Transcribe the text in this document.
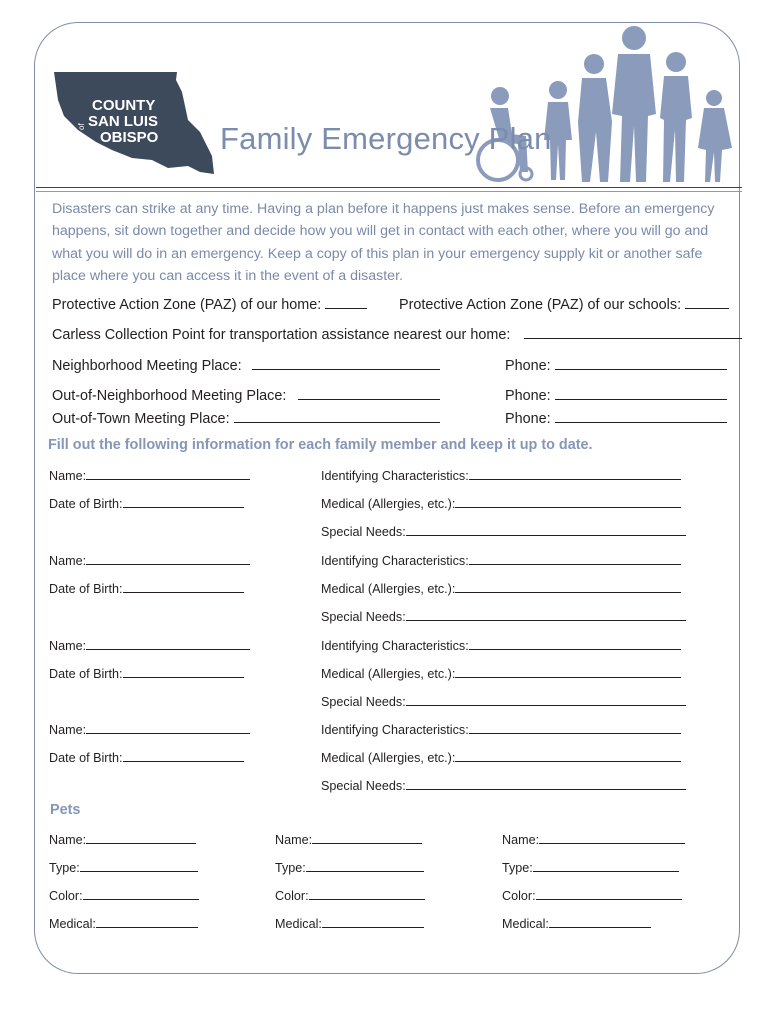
COUNTY
of SAN LUIS
OBISPO Family Emergency Plan
Disasters can strike at any time. Having a plan before it happens just makes sense. Before an emergency happens, sit down together and decide how you will get in contact with each other, where you will go and what you will do in an emergency. Keep a copy of this plan in your emergency supply kit or another safe place where you can access it in the event of a disaster.
Protective Action Zone (PAZ) of our home:	Protective Action Zone (PAZ) of our schools:
Carless Collection Point for transportation assistance nearest our home:
Neighborhood Meeting Place:	Phone:
Out-of-Neighborhood Meeting Place:	Phone:
Out-of-Town Meeting Place:	Phone:
Fill out the following information for each family member and keep it up to date.
Name:
Date of Birth:
Identifying Characteristics:
Medical (Allergies, etc.):
Special Needs:
Name:
Date of Birth:
Identifying Characteristics:
Medical (Allergies, etc.):
Special Needs:
Name:
Date of Birth:
Identifying Characteristics:
Medical (Allergies, etc.):
Special Needs:
Name:
Date of Birth:
Identifying Characteristics:
Medical (Allergies, etc.):
Special Needs:
Pets
Name:
Type:
Color:
Medical:
Name:
Type:
Color:
Medical:
Name:
Type:
Color:
Medical:
